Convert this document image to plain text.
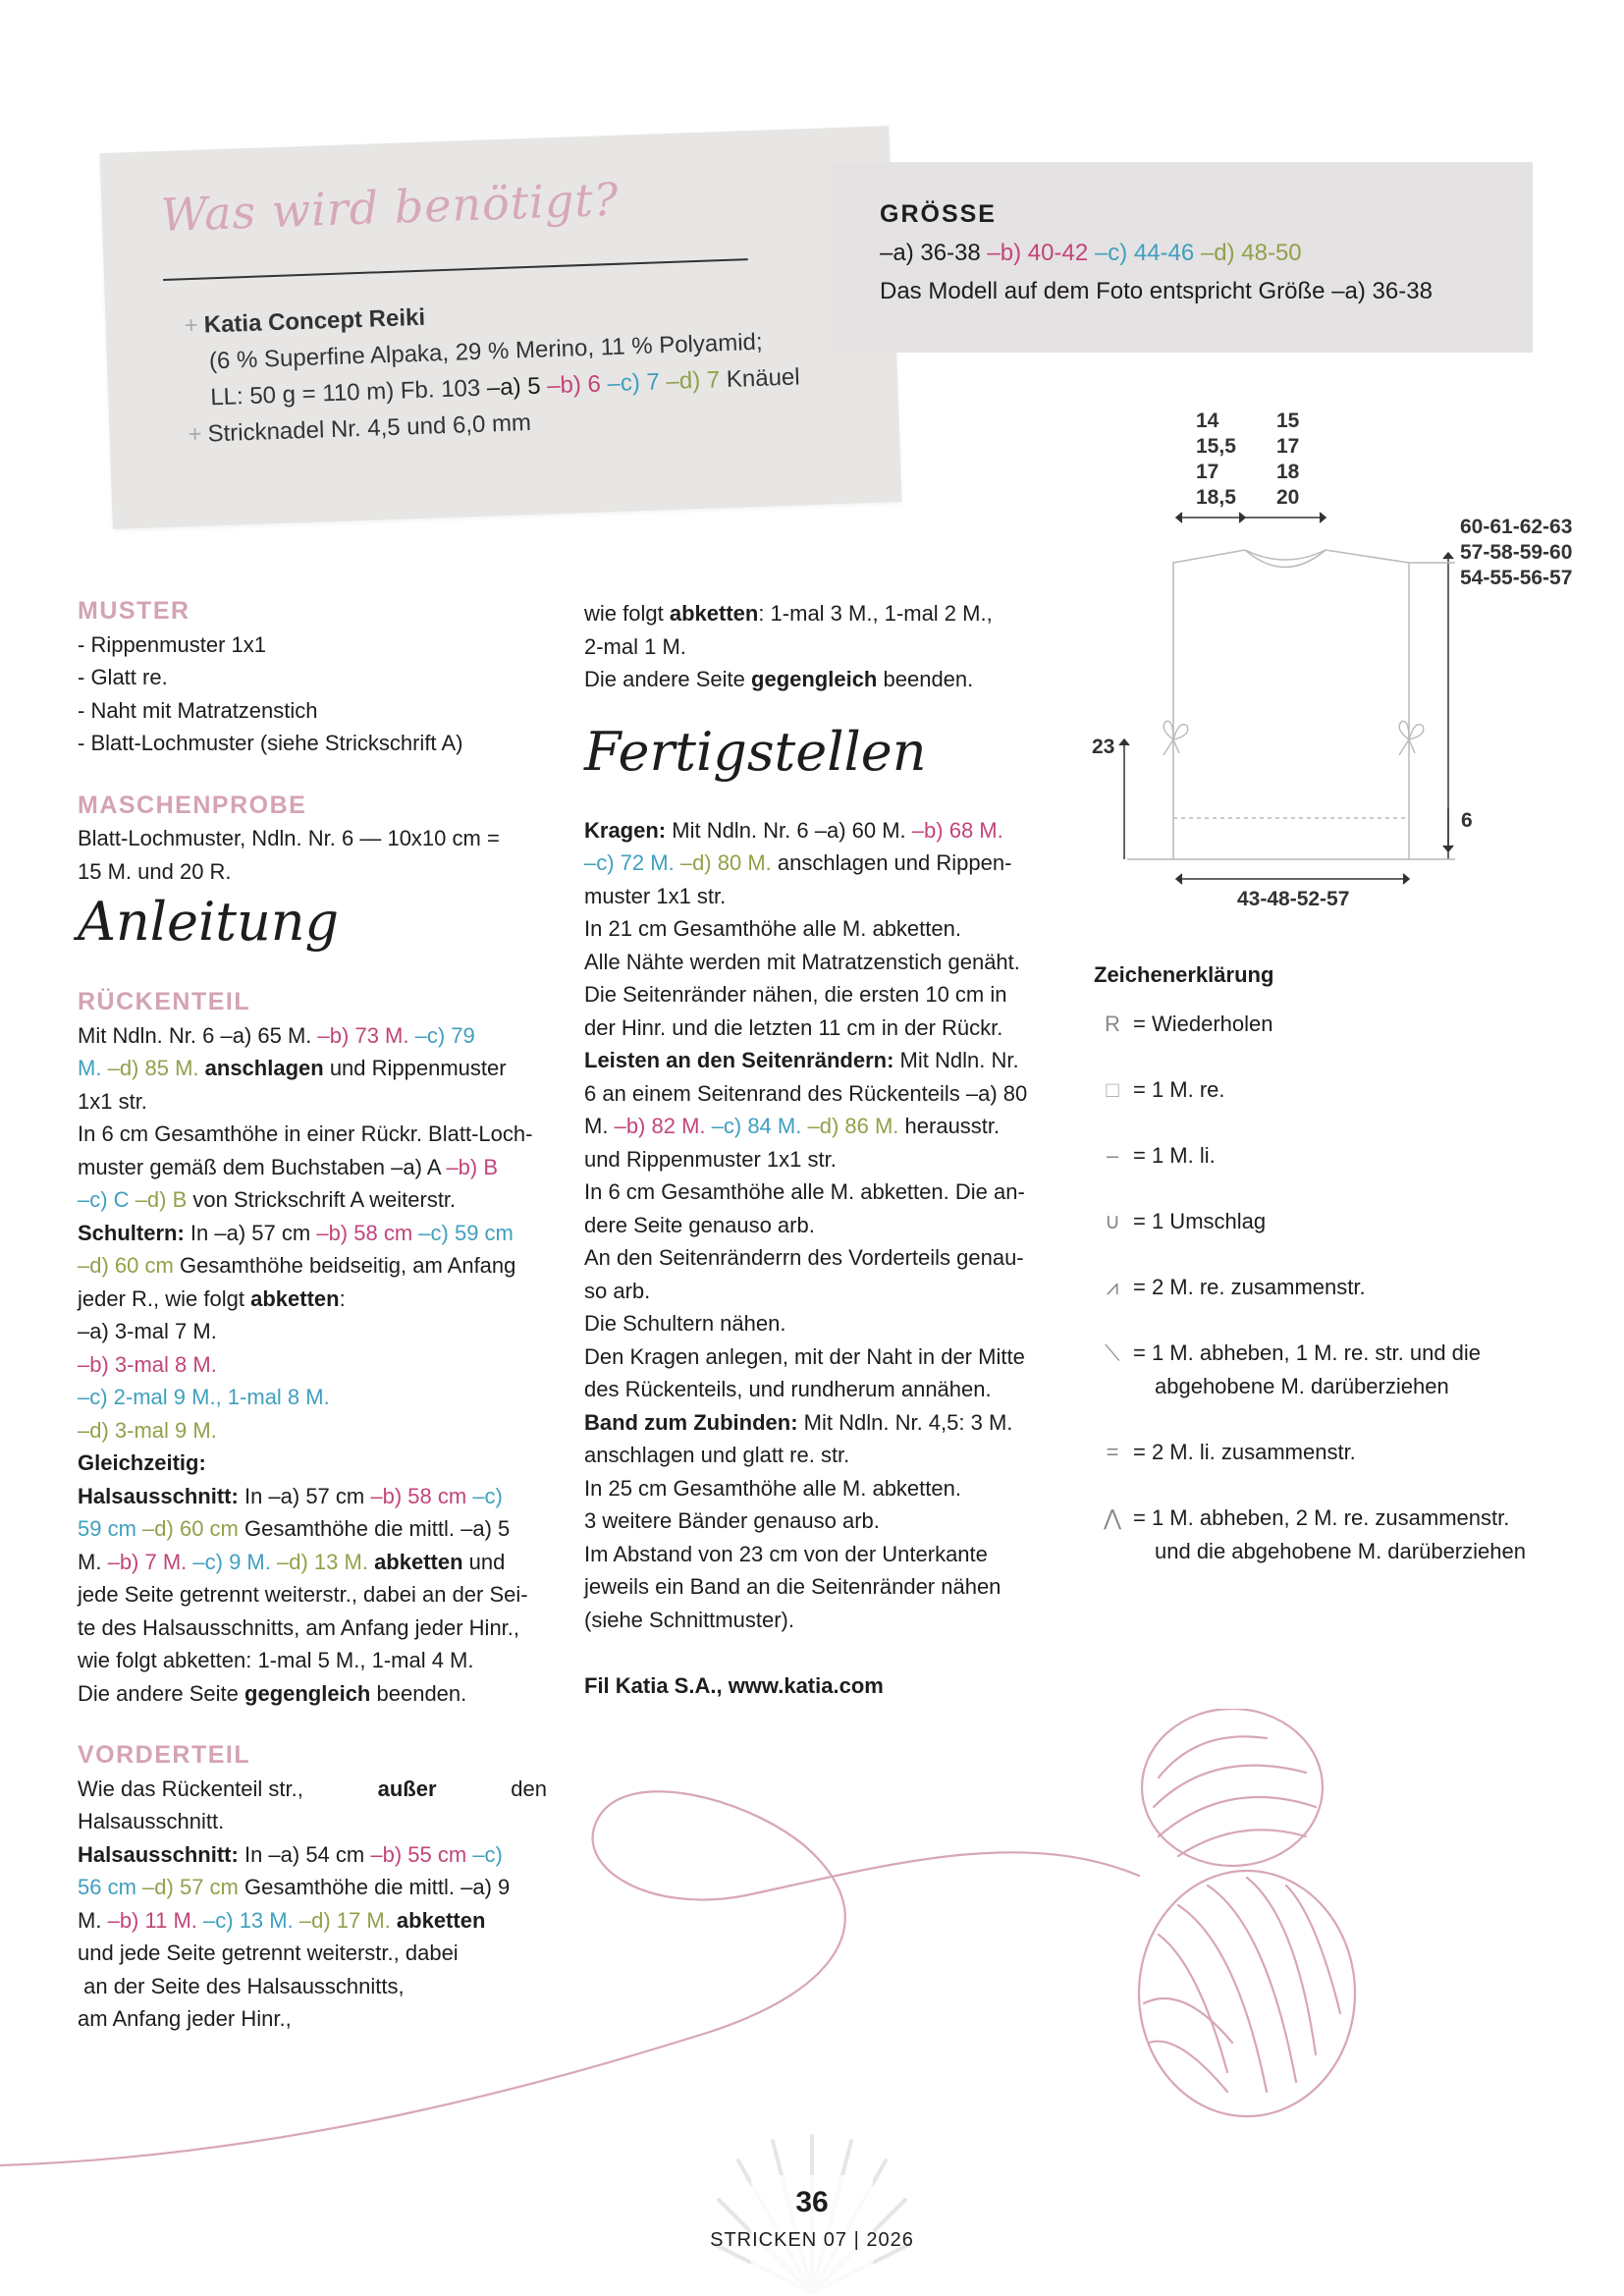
Was wird benötigt?
+ Katia Concept Reiki
(6 % Superfine Alpaka, 29 % Merino, 11 % Polyamid;
LL: 50 g = 110 m) Fb. 103 –a) 5 –b) 6 –c) 7 –d) 7 Knäuel
+ Stricknadel Nr. 4,5 und 6,0 mm
GRÖSSE
–a) 36-38 –b) 40-42 –c) 44-46 –d) 48-50
Das Modell auf dem Foto entspricht Größe –a) 36-38
14
15,5
17
18,5
15
17
18
20
60-61-62-63
57-58-59-60
54-55-56-57
23
6
43-48-52-57
Zeichenerklärung
R = Wiederholen
□ = 1 M. re.
– = 1 M. li.
∪ = 1 Umschlag
⩘ = 2 M. re. zusammenstr.
⟍ = 1 M. abheben, 1 M. re. str. und die
abgehobene M. darüberziehen
= = 2 M. li. zusammenstr.
⋀ = 1 M. abheben, 2 M. re. zusammenstr.
und die abgehobene M. darüberziehen
MUSTER
- Rippenmuster 1x1
- Glatt re.
- Naht mit Matratzenstich
- Blatt-Lochmuster (siehe Strickschrift A)
MASCHENPROBE
Blatt-Lochmuster, Ndln. Nr. 6 — 10x10 cm =
15 M. und 20 R.
Anleitung
RÜCKENTEIL
Mit Ndln. Nr. 6 –a) 65 M. –b) 73 M. –c) 79
M. –d) 85 M. anschlagen und Rippenmuster
1x1 str.
In 6 cm Gesamthöhe in einer Rückr. Blatt-Loch-
muster gemäß dem Buchstaben –a) A –b) B
–c) C –d) B von Strickschrift A weiterstr.
Schultern: In –a) 57 cm –b) 58 cm –c) 59 cm
–d) 60 cm Gesamthöhe beidseitig, am Anfang
jeder R., wie folgt abketten:
–a) 3-mal 7 M.
–b) 3-mal 8 M.
–c) 2-mal 9 M., 1-mal 8 M.
–d) 3-mal 9 M.
Gleichzeitig:
Halsausschnitt: In –a) 57 cm –b) 58 cm –c)
59 cm –d) 60 cm Gesamthöhe die mittl. –a) 5
M. –b) 7 M. –c) 9 M. –d) 13 M. abketten und
jede Seite getrennt weiterstr., dabei an der Sei-
te des Halsausschnitts, am Anfang jeder Hinr.,
wie folgt abketten: 1-mal 5 M., 1-mal 4 M.
Die andere Seite gegengleich beenden.
VORDERTEIL
Wie das Rückenteil str.,	außer	den
Halsausschnitt.
Halsausschnitt: In –a) 54 cm –b) 55 cm –c)
56 cm –d) 57 cm Gesamthöhe die mittl. –a) 9
M. –b) 11 M. –c) 13 M. –d) 17 M. abketten
und jede Seite getrennt weiterstr., dabei
an der Seite des Halsausschnitts,
am Anfang jeder Hinr.,
wie folgt abketten: 1-mal 3 M., 1-mal 2 M.,
2-mal 1 M.
Die andere Seite gegengleich beenden.
Fertigstellen
Kragen: Mit Ndln. Nr. 6 –a) 60 M. –b) 68 M.
–c) 72 M. –d) 80 M. anschlagen und Rippen-
muster 1x1 str.
In 21 cm Gesamthöhe alle M. abketten.
Alle Nähte werden mit Matratzenstich genäht.
Die Seitenränder nähen, die ersten 10 cm in
der Hinr. und die letzten 11 cm in der Rückr.
Leisten an den Seitenrändern: Mit Ndln. Nr.
6 an einem Seitenrand des Rückenteils –a) 80
M. –b) 82 M. –c) 84 M. –d) 86 M. herausstr.
und Rippenmuster 1x1 str.
In 6 cm Gesamthöhe alle M. abketten. Die an-
dere Seite genauso arb.
An den Seitenränderrn des Vorderteils genau-
so arb.
Die Schultern nähen.
Den Kragen anlegen, mit der Naht in der Mitte
des Rückenteils, und rundherum annähen.
Band zum Zubinden: Mit Ndln. Nr. 4,5: 3 M.
anschlagen und glatt re. str.
In 25 cm Gesamthöhe alle M. abketten.
3 weitere Bänder genauso arb.
Im Abstand von 23 cm von der Unterkante
jeweils ein Band an die Seitenränder nähen
(siehe Schnittmuster).
Fil Katia S.A., www.katia.com
36
STRICKEN 07 | 2026
